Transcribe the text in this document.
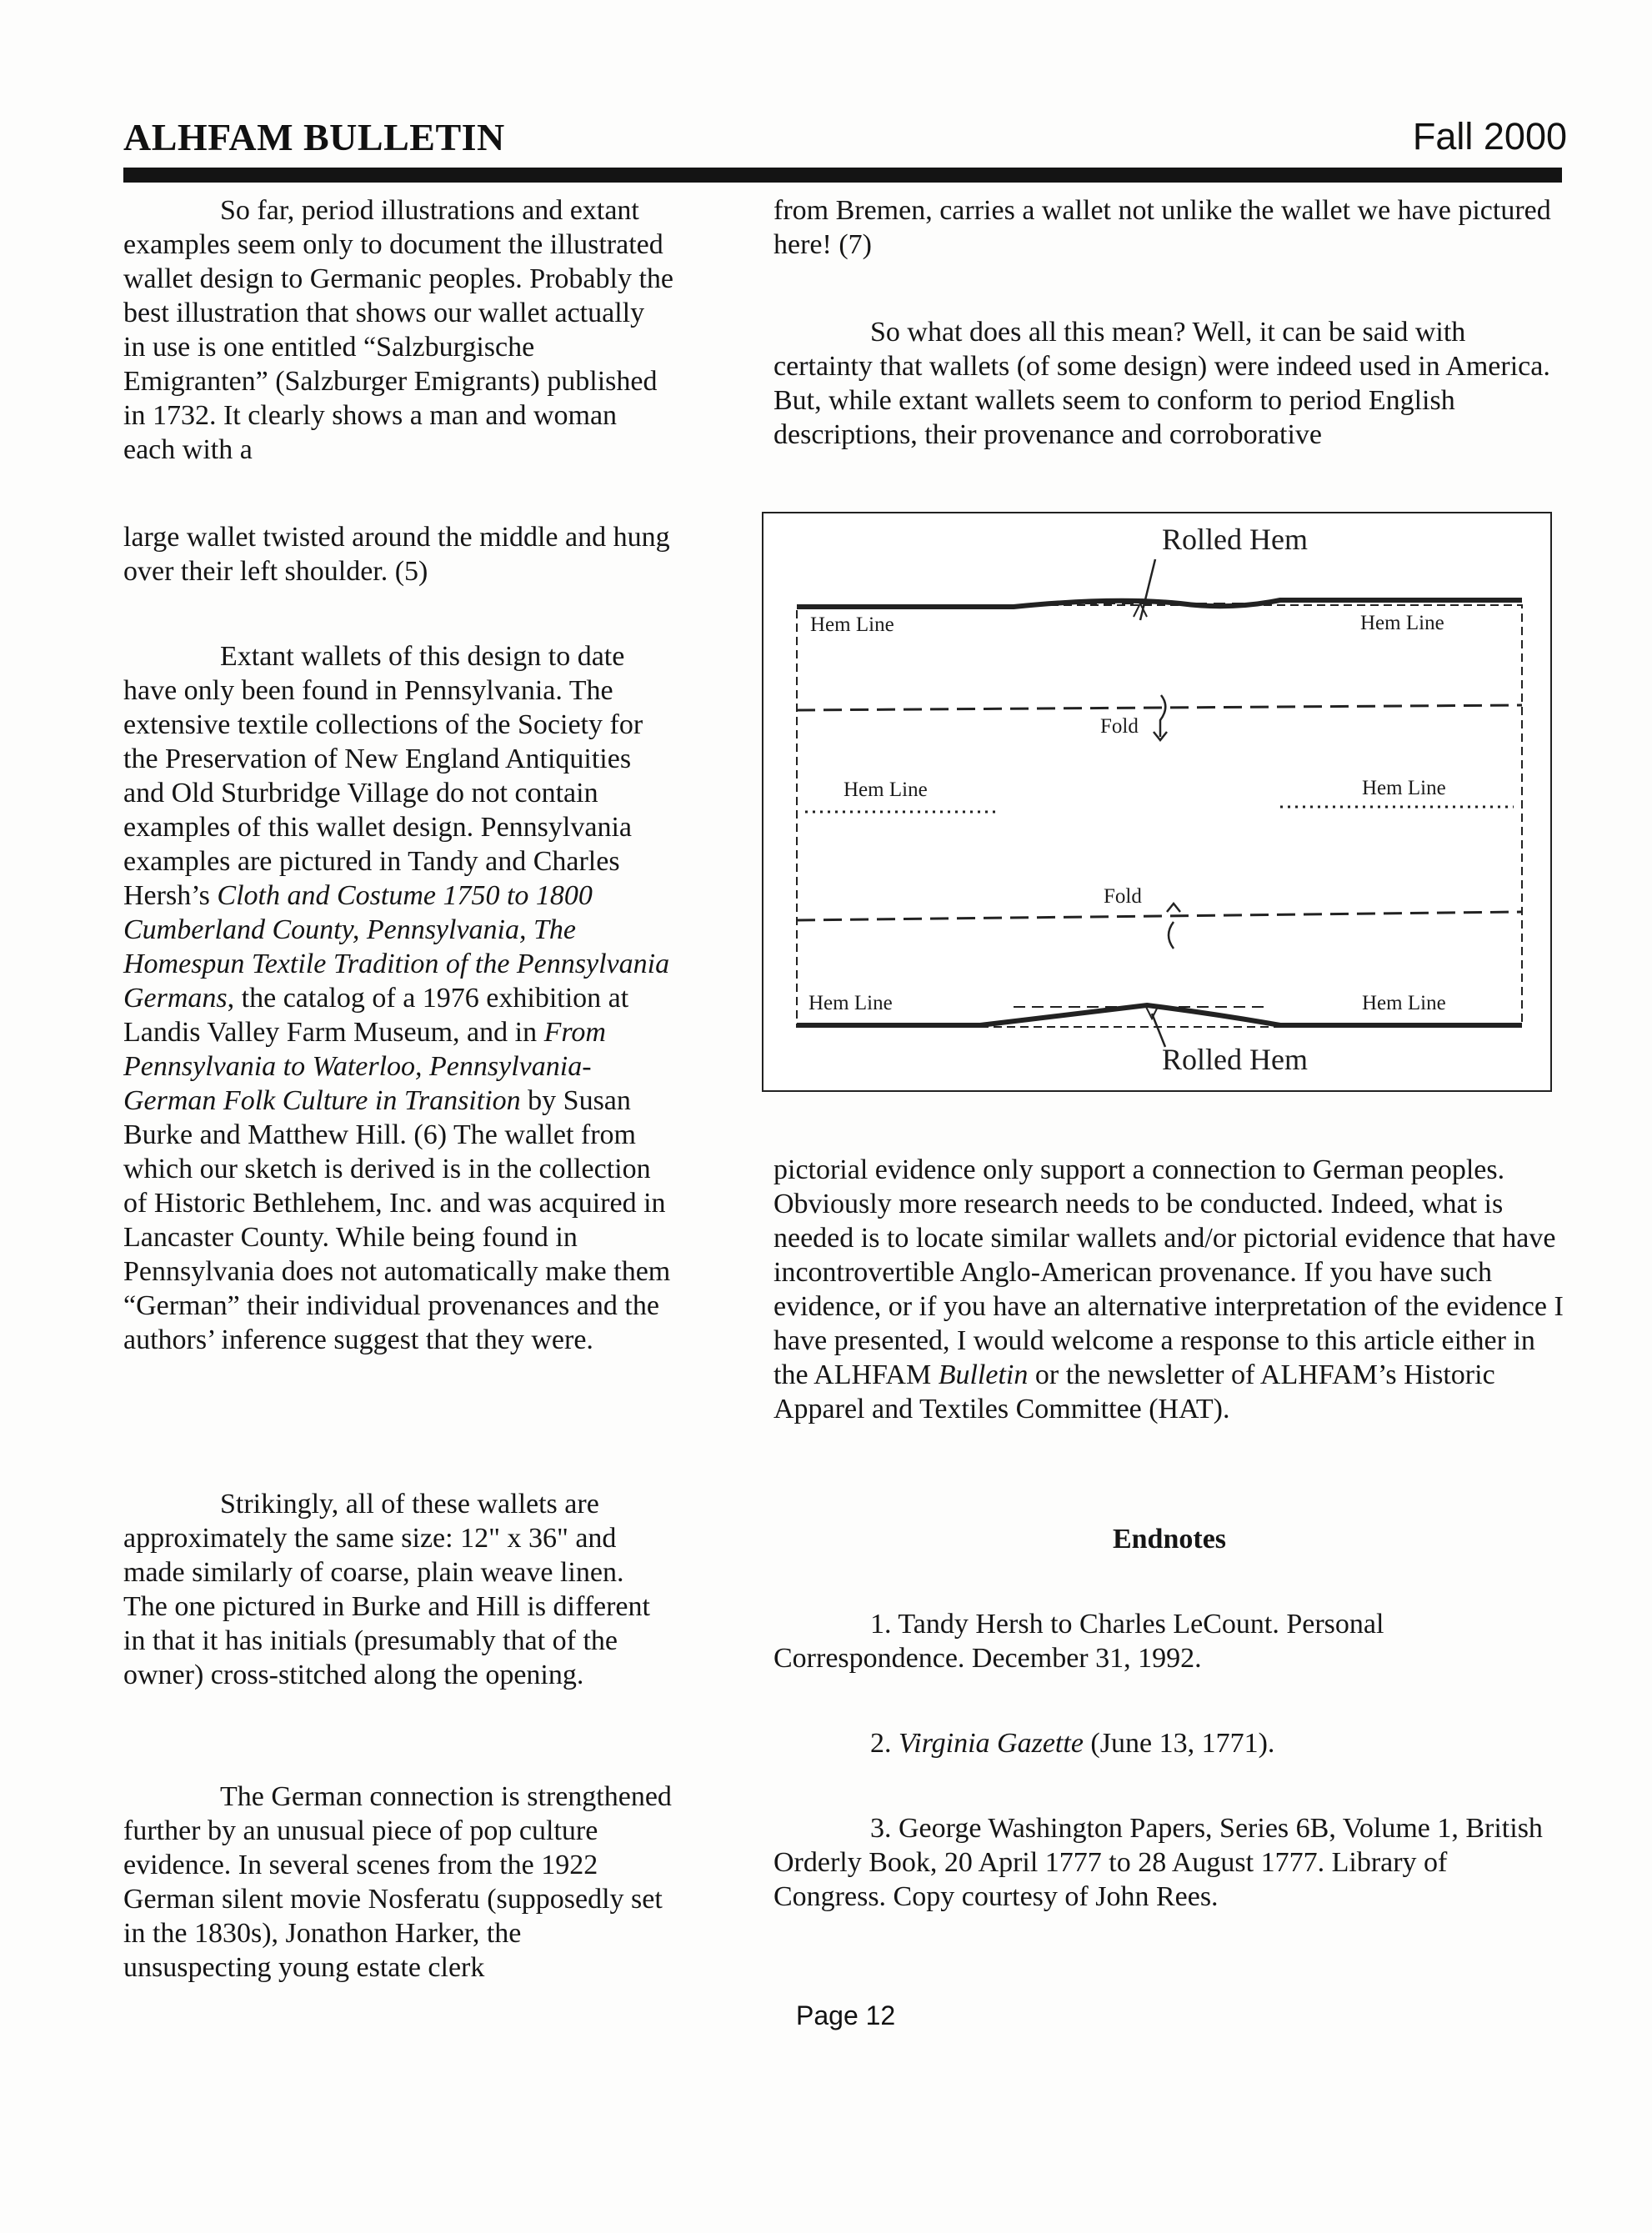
ALHFAM BULLETIN	Fall 2000

So far, period illustrations and extant examples seem only to document the illustrated wallet design to Germanic peoples. Probably the best illustration that shows our wallet actually in use is one entitled “Salzburgische Emigranten” (Salzburger Emigrants) published in 1732. It clearly shows a man and woman each with a

large wallet twisted around the middle and hung over their left shoulder. (5)

Extant wallets of this design to date have only been found in Pennsylvania. The extensive textile collections of the Society for the Preservation of New England Antiquities and Old Sturbridge Village do not contain examples of this wallet design. Pennsylvania examples are pictured in Tandy and Charles Hersh’s Cloth and Costume 1750 to 1800 Cumberland County, Pennsylvania, The Homespun Textile Tradition of the Pennsylvania Germans, the catalog of a 1976 exhibition at Landis Valley Farm Museum, and in From Pennsylvania to Waterloo, Pennsylvania-German Folk Culture in Transition by Susan Burke and Matthew Hill. (6) The wallet from which our sketch is derived is in the collection of Historic Bethlehem, Inc. and was acquired in Lancaster County. While being found in Pennsylvania does not automatically make them “German” their individual provenances and the authors’ inference suggest that they were.

Strikingly, all of these wallets are approximately the same size: 12" x 36" and made similarly of coarse, plain weave linen. The one pictured in Burke and Hill is different in that it has initials (presumably that of the owner) cross-stitched along the opening.

The German connection is strengthened further by an unusual piece of pop culture evidence. In several scenes from the 1922 German silent movie Nosferatu (supposedly set in the 1830s), Jonathon Harker, the unsuspecting young estate clerk

from Bremen, carries a wallet not unlike the wallet we have pictured here! (7)

So what does all this mean? Well, it can be said with certainty that wallets (of some design) were indeed used in America. But, while extant wallets seem to conform to period English descriptions, their provenance and corroborative

Rolled Hem
Hem Line	Hem Line
Fold
Hem Line	Hem Line
Fold
Hem Line	Hem Line
Rolled Hem

pictorial evidence only support a connection to German peoples. Obviously more research needs to be conducted. Indeed, what is needed is to locate similar wallets and/or pictorial evidence that have incontrovertible Anglo-American provenance. If you have such evidence, or if you have an alternative interpretation of the evidence I have presented, I would welcome a response to this article either in the ALHFAM Bulletin or the newsletter of ALHFAM’s Historic Apparel and Textiles Committee (HAT).

Endnotes

1. Tandy Hersh to Charles LeCount. Personal Correspondence. December 31, 1992.

2. Virginia Gazette (June 13, 1771).

3. George Washington Papers, Series 6B, Volume 1, British Orderly Book, 20 April 1777 to 28 August 1777. Library of Congress. Copy courtesy of John Rees.

Page 12
